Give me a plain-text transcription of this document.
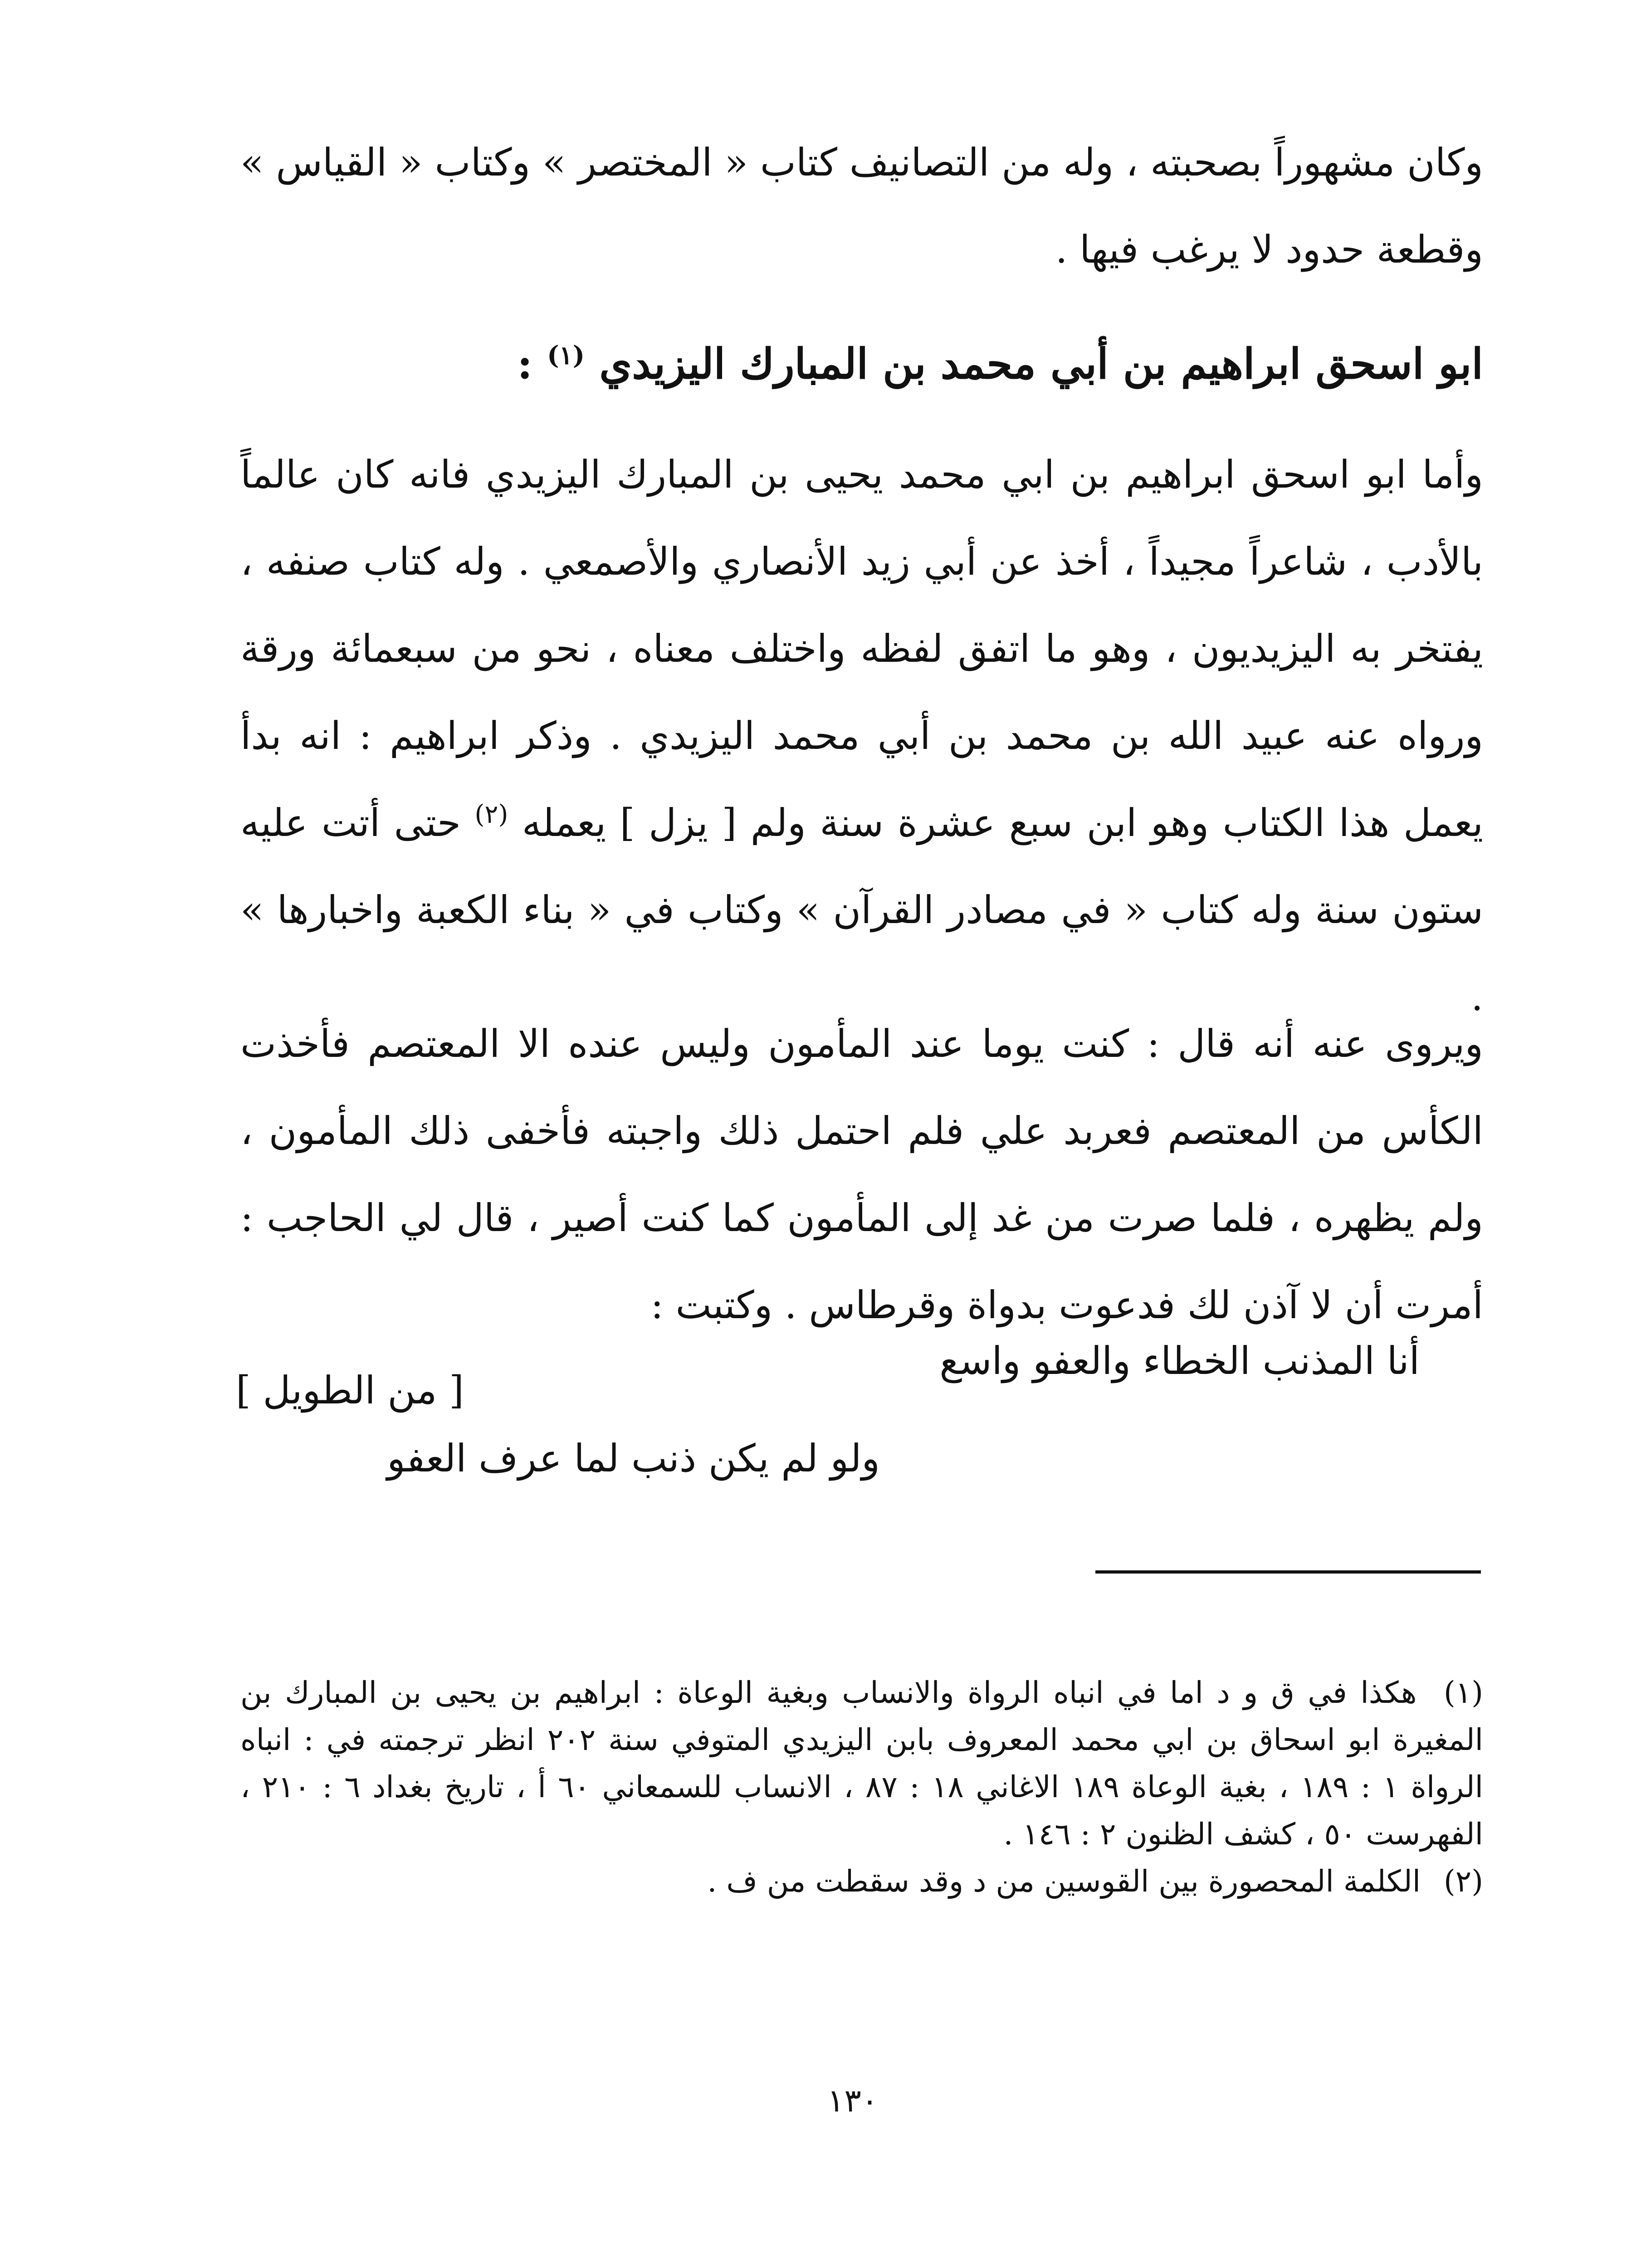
وكان مشهوراً بصحبته ، وله من التصانيف كتاب « المختصر » وكتاب « القياس » وقطعة حدود لا يرغب فيها .
ابو اسحق ابراهيم بن أبي محمد بن المبارك اليزيدي $^{(١)}$ :
وأما ابو اسحق ابراهيم بن ابي محمد يحيى بن المبارك اليزيدي فانه كان عالماً بالأدب ، شاعراً مجيداً ، أخذ عن أبي زيد الأنصاري والأصمعي . وله كتاب صنفه ، يفتخر به اليزيديون ، وهو ما اتفق لفظه واختلف معناه ، نحو من سبعمائة ورقة ورواه عنه عبيد الله بن محمد بن أبي محمد اليزيدي . وذكر ابراهيم : انه بدأ يعمل هذا الكتاب وهو ابن سبع عشرة سنة ولم [ يزل ] يعمله $^{(٢)}$ حتى أتت عليه ستون سنة وله كتاب « في مصادر القرآن » وكتاب في « بناء الكعبة واخبارها » .
ويروى عنه أنه قال : كنت يوما عند المأمون وليس عنده الا المعتصم فأخذت الكأس من المعتصم فعربد علي فلم احتمل ذلك واجبته فأخفى ذلك المأمون ، ولم يظهره ، فلما صرت من غد إلى المأمون كما كنت أصير ، قال لي الحاجب : أمرت أن لا آذن لك فدعوت بدواة وقرطاس . وكتبت :
أنا المذنب الخطاء والعفو واسع
ولو لم يكن ذنب لما عرف العفو
[ من الطويل ]

(١) هكذا في ق و د اما في انباه الرواة والانساب وبغية الوعاة : ابراهيم بن يحيى بن المبارك بن المغيرة ابو اسحاق بن ابي محمد المعروف بابن اليزيدي المتوفي سنة ٢٠٢ انظر ترجمته في : انباه الرواة ١ : ١٨٩ ، بغية الوعاة ١٨٩ الاغاني ١٨ : ٨٧ ، الانساب للسمعاني ٦٠ أ ، تاريخ بغداد ٦ : ٢١٠ ، الفهرست ٥٠ ، كشف الظنون ٢ : ١٤٦ .

(٢) الكلمة المحصورة بين القوسين من د وقد سقطت من ف .

١٣٠
